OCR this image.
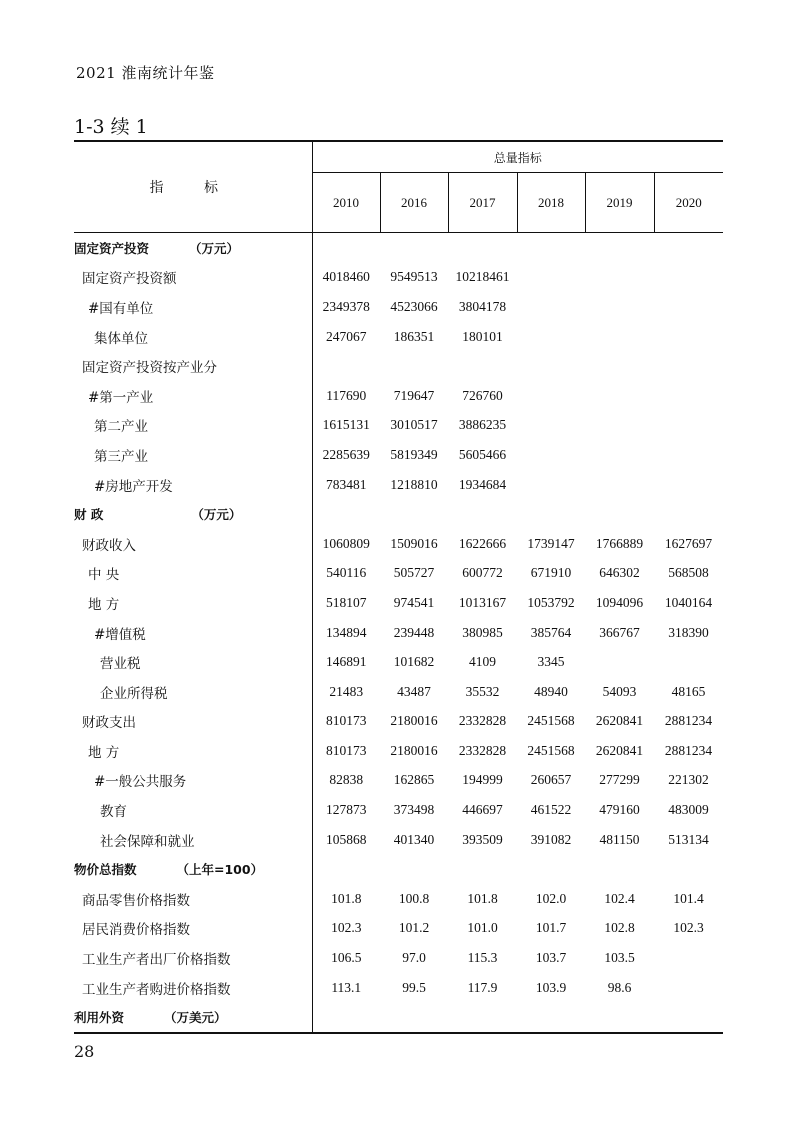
2021 淮南统计年鉴
1-3 续 1
指 标	总量指标					
	2010	2016	2017	2018	2019	2020
固定资产投资 （万元）						
固定资产投资额	4018460	9549513	10218461			
#国有单位	2349378	4523066	3804178			
集体单位	247067	186351	180101			
固定资产投资按产业分						
#第一产业	117690	719647	726760			
第二产业	1615131	3010517	3886235			
第三产业	2285639	5819349	5605466			
#房地产开发	783481	1218810	1934684			
财 政 （万元）						
财政收入	1060809	1509016	1622666	1739147	1766889	1627697
中 央	540116	505727	600772	671910	646302	568508
地 方	518107	974541	1013167	1053792	1094096	1040164
#增值税	134894	239448	380985	385764	366767	318390
营业税	146891	101682	4109	3345		
企业所得税	21483	43487	35532	48940	54093	48165
财政支出	810173	2180016	2332828	2451568	2620841	2881234
地 方	810173	2180016	2332828	2451568	2620841	2881234
#一般公共服务	82838	162865	194999	260657	277299	221302
教育	127873	373498	446697	461522	479160	483009
社会保障和就业	105868	401340	393509	391082	481150	513134
物价总指数 （上年=100）						
商品零售价格指数	101.8	100.8	101.8	102.0	102.4	101.4
居民消费价格指数	102.3	101.2	101.0	101.7	102.8	102.3
工业生产者出厂价格指数	106.5	97.0	115.3	103.7	103.5	
工业生产者购进价格指数	113.1	99.5	117.9	103.9	98.6	
利用外资 （万美元）						
28
